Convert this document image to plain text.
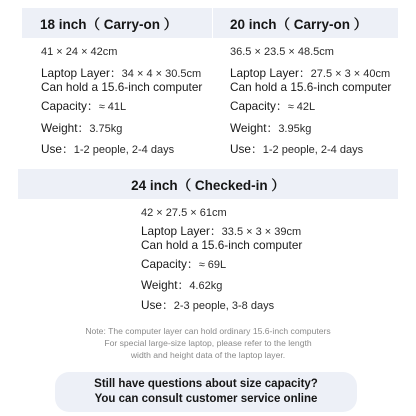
18 inch（ Carry-on ）
41 × 24 × 42cm
Laptop Layer：34 × 4 × 30.5cm
Can hold a 15.6-inch computer
Capacity：≈ 41L
Weight：3.75kg
Use：1-2 people, 2-4 days
20 inch（ Carry-on ）
36.5 × 23.5 × 48.5cm
Laptop Layer：27.5 × 3 × 40cm
Can hold a 15.6-inch computer
Capacity：≈ 42L
Weight：3.95kg
Use：1-2 people, 2-4 days
24 inch（ Checked-in ）
42 × 27.5 × 61cm
Laptop Layer：33.5 × 3 × 39cm
Can hold a 15.6-inch computer
Capacity：≈ 69L
Weight：4.62kg
Use：2-3 people, 3-8 days
Note: The computer layer can hold ordinary 15.6-inch computers
For special large-size laptop, please refer to the length
width and height data of the laptop layer.
Still have questions about size capacity?
You can consult customer service online
